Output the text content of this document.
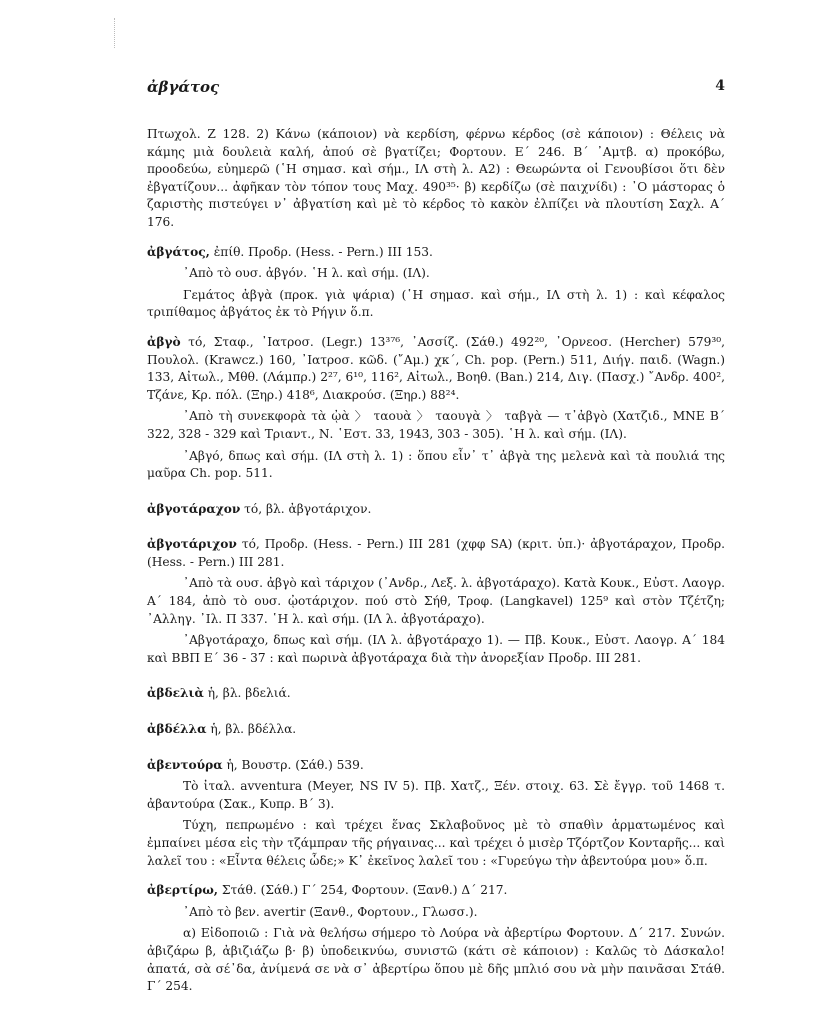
ἀβγάτος	4

Πτωχολ. Ζ 128. 2) Κάνω (κάποιον) νὰ κερδίση, φέρνω κέρδος (σὲ κάποιον) : Θέλεις νὰ κάμης μιὰ δουλειὰ καλή, ἀπού σὲ βγατίζει; Φορτουν. Ε΄ 246. Β΄ ᾿Αμτβ. α) προκόβω, προοδεύω, εὐημερῶ (῾Η σημασ. καὶ σήμ., ΙΛ στὴ λ. Α2) : Θεωρώντα οἱ Γενουβίσοι ὅτι δὲν ἐβγατίζουν... ἀφῆκαν τὸν τόπον τους Μαχ. 490³⁵· β) κερδίζω (σὲ παιχνίδι) : ᾿Ο μάστορας ὁ ζαριστὴς πιστεύγει ν᾿ ἀβγατίση καὶ μὲ τὸ κέρδος τὸ κακὸν ἐλπίζει νὰ πλουτίση Σαχλ. Α΄ 176.

ἀβγάτος, ἐπίθ. Προδρ. (Hess. - Pern.) ΙΙΙ 153.

᾿Απὸ τὸ ουσ. ἀβγόν. ῾Η λ. καὶ σήμ. (ΙΛ).

Γεμάτος ἀβγὰ (προκ. γιὰ ψάρια) (῾Η σημασ. καὶ σήμ., ΙΛ στὴ λ. 1) : καὶ κέφαλος τριπίθαμος ἀβγάτος ἐκ τὸ Ρήγιν ὅ.π.

ἀβγὸ τό, Σταφ., ᾿Ιατροσ. (Legr.) 13³⁷⁶, ᾿Ασσίζ. (Σάθ.) 492²⁰, ᾿Ορνεοσ. (Hercher) 579³⁰, Πουλολ. (Krawcz.) 160, ᾿Ιατροσ. κῶδ. (῎Αμ.) χκ΄, Ch. pop. (Pern.) 511, Διήγ. παιδ. (Wagn.) 133, Αἰτωλ., Μθθ. (Λάμπρ.) 2²⁷, 6¹⁰, 116², Αἰτωλ., Βοηθ. (Ban.) 214, Διγ. (Πασχ.) ῎Ανδρ. 400², Τζάνε, Κρ. πόλ. (Ξηρ.) 418⁶, Διακρούσ. (Ξηρ.) 88²⁴.

᾿Απὸ τὴ συνεκφορὰ τὰ ᾠὰ 〉 ταουὰ 〉 ταουγὰ 〉 ταβγὰ — τ᾿ἀβγὸ (Χατζιδ., ΜΝΕ Β΄ 322, 328 - 329 καὶ Τριαντ., Ν. ῾Εστ. 33, 1943, 303 - 305). ῾Η λ. καὶ σήμ. (ΙΛ).

᾿Αβγό, δπως καὶ σήμ. (ΙΛ στὴ λ. 1) : ὅπου εἶν᾿ τ᾿ ἀβγὰ της μελενὰ καὶ τὰ πουλιά της μαῦρα Ch. pop. 511.

ἀβγοτάραχον τό, βλ. ἀβγοτάριχον.

ἀβγοτάριχον τό, Προδρ. (Hess. - Pern.) ΙΙΙ 281 (χφφ SA) (κριτ. ὑπ.)· ἀβγοτάραχον, Προδρ. (Hess. - Pern.) ΙΙΙ 281.

᾿Απὸ τὰ ουσ. ἀβγὸ καὶ τάριχον (᾿Ανδρ., Λεξ. λ. ἀβγοτάραχο). Κατὰ Κουκ., Εὐστ. Λαογρ. Α΄ 184, ἀπὸ τὸ ουσ. ᾠοτάριχον. πού στὸ Σήθ, Τροφ. (Langkavel) 125⁹ καὶ στὸν Τζέτζη; ᾿Αλληγ. ᾿Ιλ. Π 337. ῾Η λ. καὶ σήμ. (ΙΛ λ. ἀβγοτάραχο).

᾿Αβγοτάραχο, δπως καὶ σήμ. (ΙΛ λ. ἀβγοτάραχο 1). — Πβ. Κουκ., Εὐστ. Λαογρ. Α΄ 184 καὶ ΒΒΠ Ε΄ 36 - 37 : καὶ πωρινὰ ἀβγοτάραχα διὰ τὴν ἀνορεξίαν Προδρ. ΙΙΙ 281.

ἀβδελιὰ ἡ, βλ. βδελιά.

ἀβδέλλα ἡ, βλ. βδέλλα.

ἀβεντούρα ἡ, Βουστρ. (Σάθ.) 539.

Τὸ ἰταλ. avventura (Meyer, NS IV 5). Πβ. Χατζ., Ξέν. στοιχ. 63. Σὲ ἔγγρ. τοῦ 1468 τ. ἀβαντούρα (Σακ., Κυπρ. Β΄ 3).

Τύχη, πεπρωμένο : καὶ τρέχει ἕνας Σκλαβοῦνος μὲ τὸ σπαθὶν ἁρματωμένος καὶ ἐμπαίνει μέσα εἰς τὴν τζάμπραν τῆς ρήγαινας... καὶ τρέχει ὁ μισὲρ Τζόρτζον Κονταρῆς... καὶ λαλεῖ του : «Εἶντα θέλεις ὧδε;» Κ᾿ ἐκεῖνος λαλεῖ του : «Γυρεύγω τὴν ἀβεντούρα μου» ὅ.π.

ἀβερτίρω, Στάθ. (Σάθ.) Γ΄ 254, Φορτουν. (Ξανθ.) Δ΄ 217.

᾿Απὸ τὸ βεν. avertir (Ξανθ., Φορτουν., Γλωσσ.).

α) Εἰδοποιῶ : Γιὰ νὰ θελήσω σήμερο τὸ Λούρα νὰ ἀβερτίρω Φορτουν. Δ΄ 217. Συνών. ἀβιζάρω β, ἀβιζιάζω β· β) ὑποδεικνύω, συνιστῶ (κάτι σὲ κάποιον) : Καλῶς τὸ Δάσκαλο! ἀπατά, σὰ σέ᾿δα, ἀνίμενά σε νὰ σ᾿ ἀβερτίρω ὅπου μὲ δῆς μπλιό σου νὰ μὴν παινᾶσαι Στάθ. Γ΄ 254.
